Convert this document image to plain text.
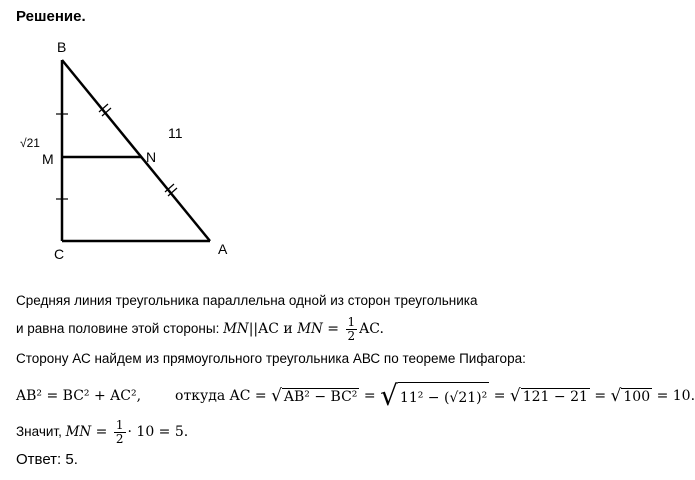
Решение.
B
M	N
C	A
√21
11
Средняя линия треугольника параллельна одной из сторон треугольника
и равна половине этой стороны: MN||AC и MN = $\frac{1}{2}$ AC.
Сторону АС найдем из прямоугольного треугольника АВС по теореме Пифагора:
AB² = BC² + AC², откуда AC = √ AB² − BC² = √ 11² − (√21)² = √ 121 − 21 = √ 100 = 10.
Значит, MN = $\frac{1}{2} \cdot 10 = 5$.
Ответ: 5.
